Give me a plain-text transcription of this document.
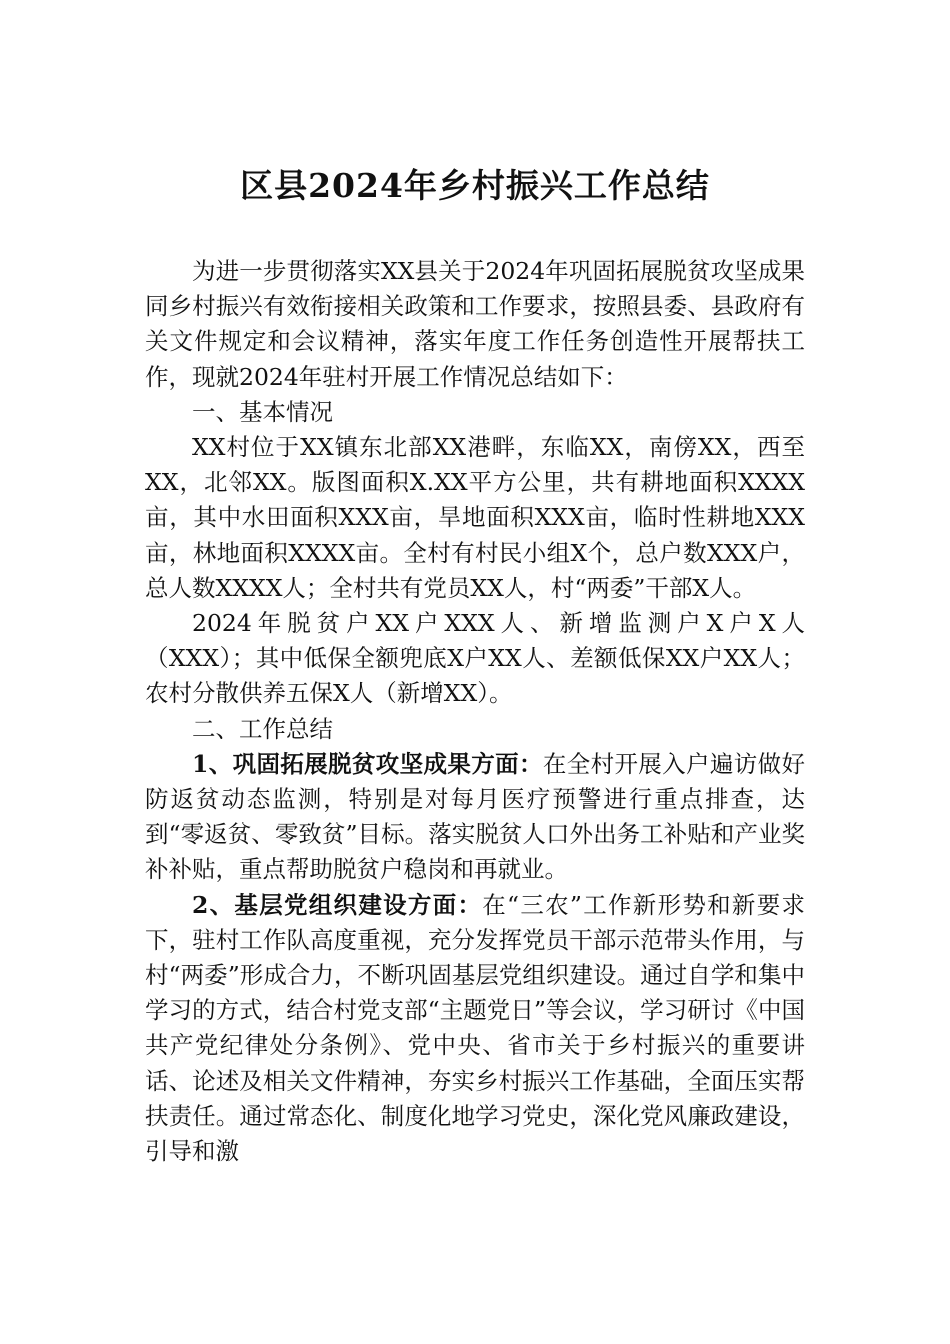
区县2024年乡村振兴工作总结

为进一步贯彻落实XX县关于2024年巩固拓展脱贫攻坚成果同乡村振兴有效衔接相关政策和工作要求，按照县委、县政府有关文件规定和会议精神，落实年度工作任务创造性开展帮扶工作，现就2024年驻村开展工作情况总结如下：

一、基本情况

XX村位于XX镇东北部XX港畔，东临XX，南傍XX，西至XX，北邻XX。版图面积X.XX平方公里，共有耕地面积XXXX亩，其中水田面积XXX亩，旱地面积XXX亩，临时性耕地XXX亩，林地面积XXXX亩。全村有村民小组X个，总户数XXX户，总人数XXXX人；全村共有党员XX人，村“两委”干部X人。

2024年脱贫户XX户XXX人、新增监测户X户X人（XXX）；其中低保全额兜底X户XX人、差额低保XX户XX人；农村分散供养五保X人（新增XX）。

二、工作总结

1、巩固拓展脱贫攻坚成果方面：在全村开展入户遍访做好防返贫动态监测，特别是对每月医疗预警进行重点排查，达到“零返贫、零致贫”目标。落实脱贫人口外出务工补贴和产业奖补补贴，重点帮助脱贫户稳岗和再就业。

2、基层党组织建设方面：在“三农”工作新形势和新要求下，驻村工作队高度重视，充分发挥党员干部示范带头作用，与村“两委”形成合力，不断巩固基层党组织建设。通过自学和集中学习的方式，结合村党支部“主题党日”等会议，学习研讨《中国共产党纪律处分条例》、党中央、省市关于乡村振兴的重要讲话、论述及相关文件精神，夯实乡村振兴工作基础，全面压实帮扶责任。通过常态化、制度化地学习党史，深化党风廉政建设，引导和激
